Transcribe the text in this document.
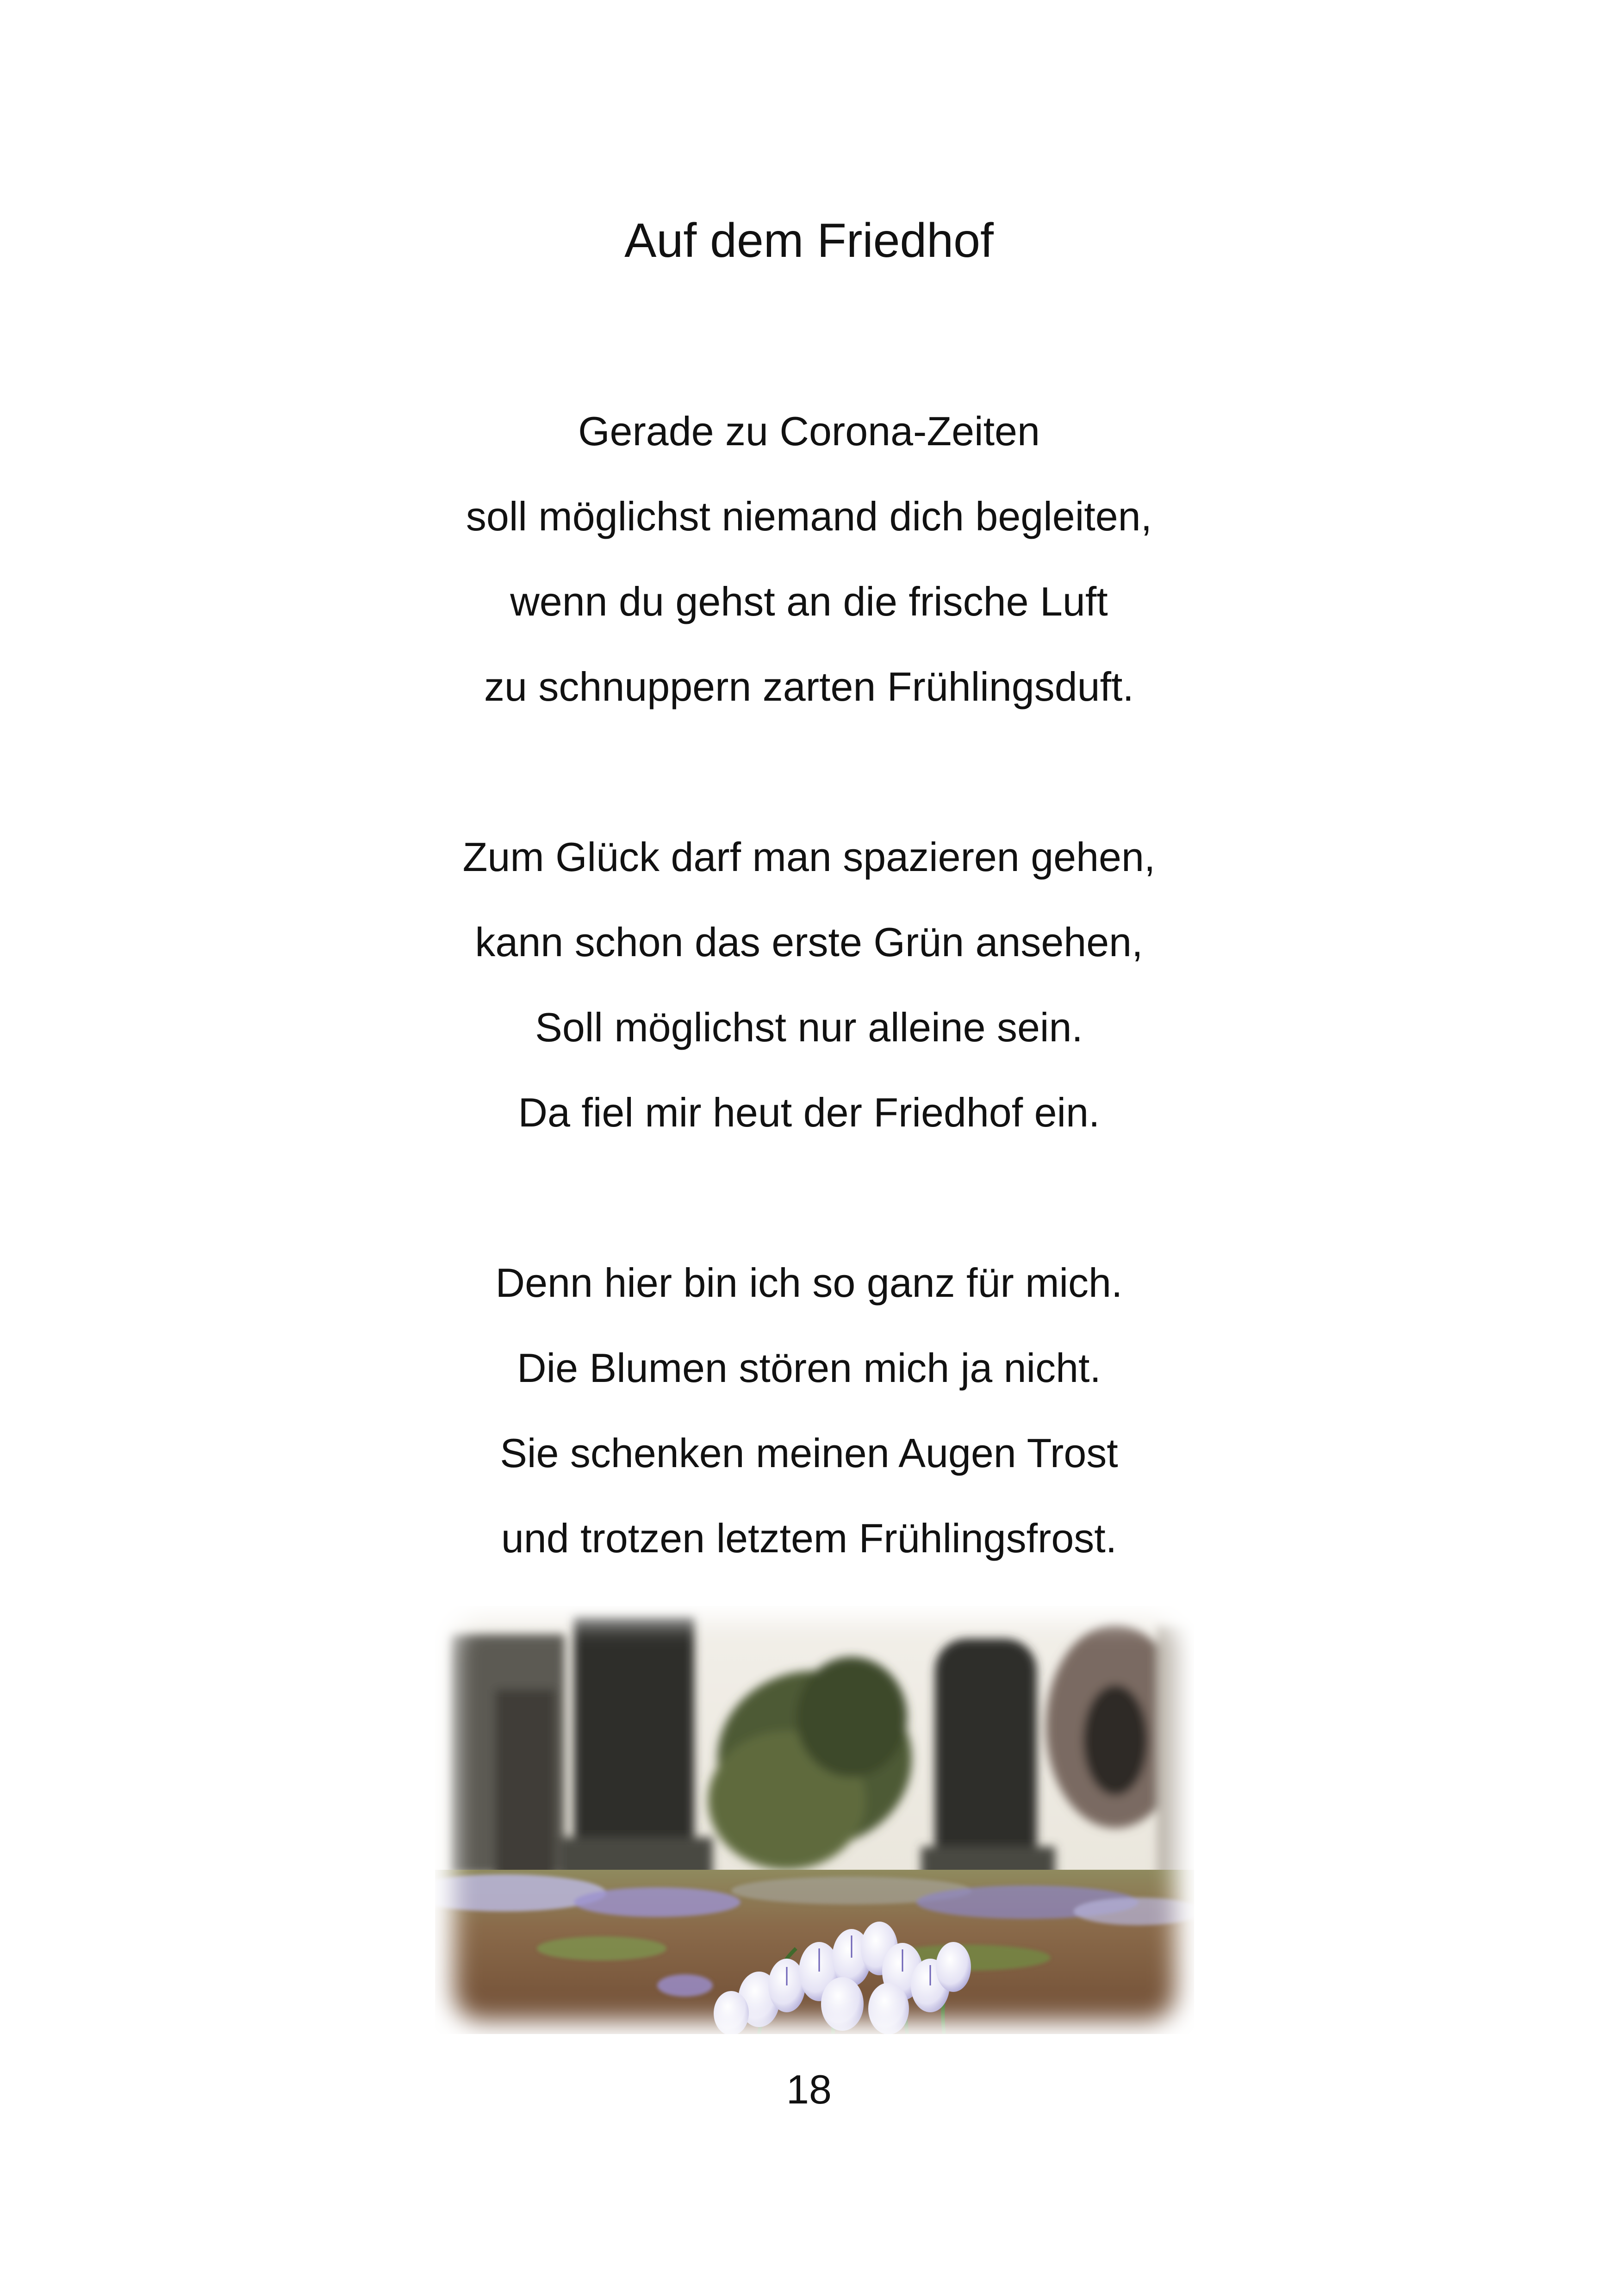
Auf dem Friedhof
Gerade zu Corona-Zeiten
soll möglichst niemand dich begleiten,
wenn du gehst an die frische Luft
zu schnuppern zarten Frühlingsduft.
Zum Glück darf man spazieren gehen,
kann schon das erste Grün ansehen,
Soll möglichst nur alleine sein.
Da fiel mir heut der Friedhof ein.
Denn hier bin ich so ganz für mich.
Die Blumen stören mich ja nicht.
Sie schenken meinen Augen Trost
und trotzen letztem Frühlingsfrost.
18
